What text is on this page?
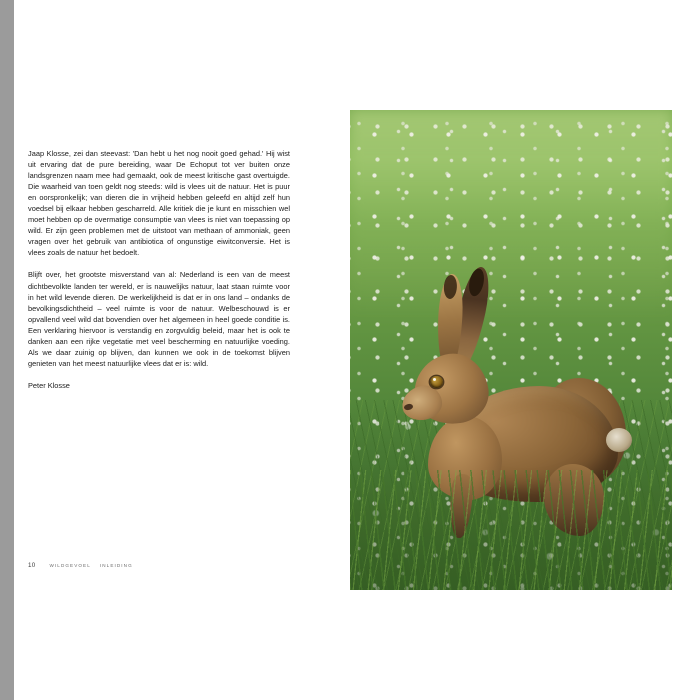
Jaap Klosse, zei dan steevast: 'Dan hebt u het nog nooit goed gehad.' Hij wist uit ervaring dat de pure bereiding, waar De Echoput tot ver buiten onze landsgrenzen naam mee had gemaakt, ook de meest kritische gast overtuigde. Die waarheid van toen geldt nog steeds: wild is vlees uit de natuur. Het is puur en oorspronkelijk; van dieren die in vrijheid hebben geleefd en altijd zelf hun voedsel bij elkaar hebben gescharreld. Alle kritiek die je kunt en misschien wel moet hebben op de overmatige consumptie van vlees is niet van toepassing op wild. Er zijn geen problemen met de uitstoot van methaan of ammoniak, geen vragen over het gebruik van antibiotica of ongunstige eiwitconversie. Het is vlees zoals de natuur het bedoelt.

Blijft over, het grootste misverstand van al: Nederland is een van de meest dichtbevolkte landen ter wereld, er is nauwelijks natuur, laat staan ruimte voor in het wild levende dieren. De werkelijkheid is dat er in ons land – ondanks de bevolkingsdichtheid – veel ruimte is voor de natuur. Welbeschouwd is er opvallend veel wild dat bovendien over het algemeen in heel goede conditie is. Een verklaring hiervoor is verstandig en zorgvuldig beleid, maar het is ook te danken aan een rijke vegetatie met veel bescherming en natuurlijke voeding. Als we daar zuinig op blijven, dan kunnen we ook in de toekomst blijven genieten van het meest natuurlijke vlees dat er is: wild.

Peter Klosse

10	WILDGEVOEL INLEIDING
